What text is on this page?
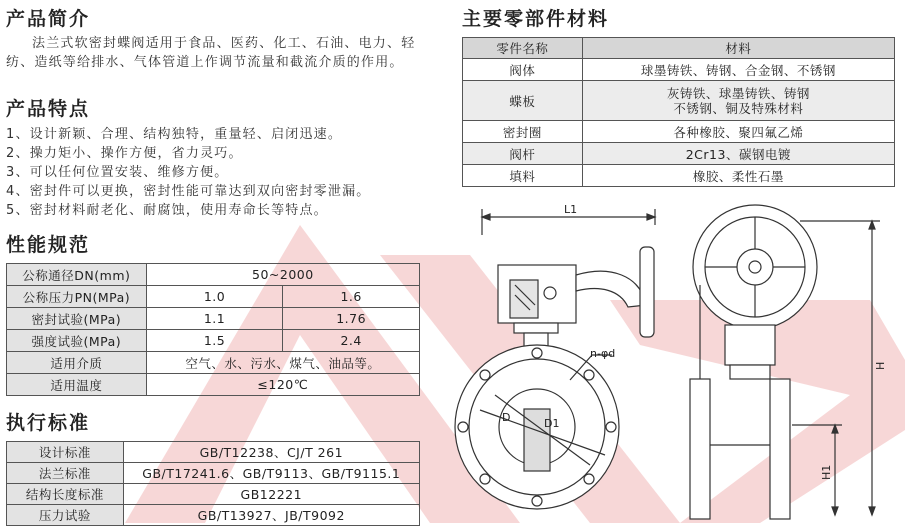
产品简介
法兰式软密封蝶阀适用于食品、医药、化工、石油、电力、轻纺、造纸等给排水、气体管道上作调节流量和截流介质的作用。
产品特点
1、设计新颖、合理、结构独特，重量轻、启闭迅速。
2、操力矩小、操作方便，省力灵巧。
3、可以任何位置安装、维修方便。
4、密封件可以更换，密封性能可靠达到双向密封零泄漏。
5、密封材料耐老化、耐腐蚀，使用寿命长等特点。
性能规范
公称通径DN(mm)	50~2000	
公称压力PN(MPa)	1.0	1.6
密封试验(MPa)	1.1	1.76
强度试验(MPa)	1.5	2.4
适用介质	空气、水、污水、煤气、油品等。	
适用温度	≤120℃	
执行标准
设计标准	GB/T12238、CJ/T 261
法兰标准	GB/T17241.6、GB/T9113、GB/T9115.1
结构长度标准	GB12221
压力试验	GB/T13927、JB/T9092
主要零部件材料
零件名称	材料
阀体	球墨铸铁、铸钢、合金钢、不锈钢
蝶板	灰铸铁、球墨铸铁、铸钢
不锈钢、铜及特殊材料

密封圈	各种橡胶、聚四氟乙烯
阀杆	2Cr13、碳钢电镀
填料	橡胶、柔性石墨
L1
H
H1
D	D1
n-φd
